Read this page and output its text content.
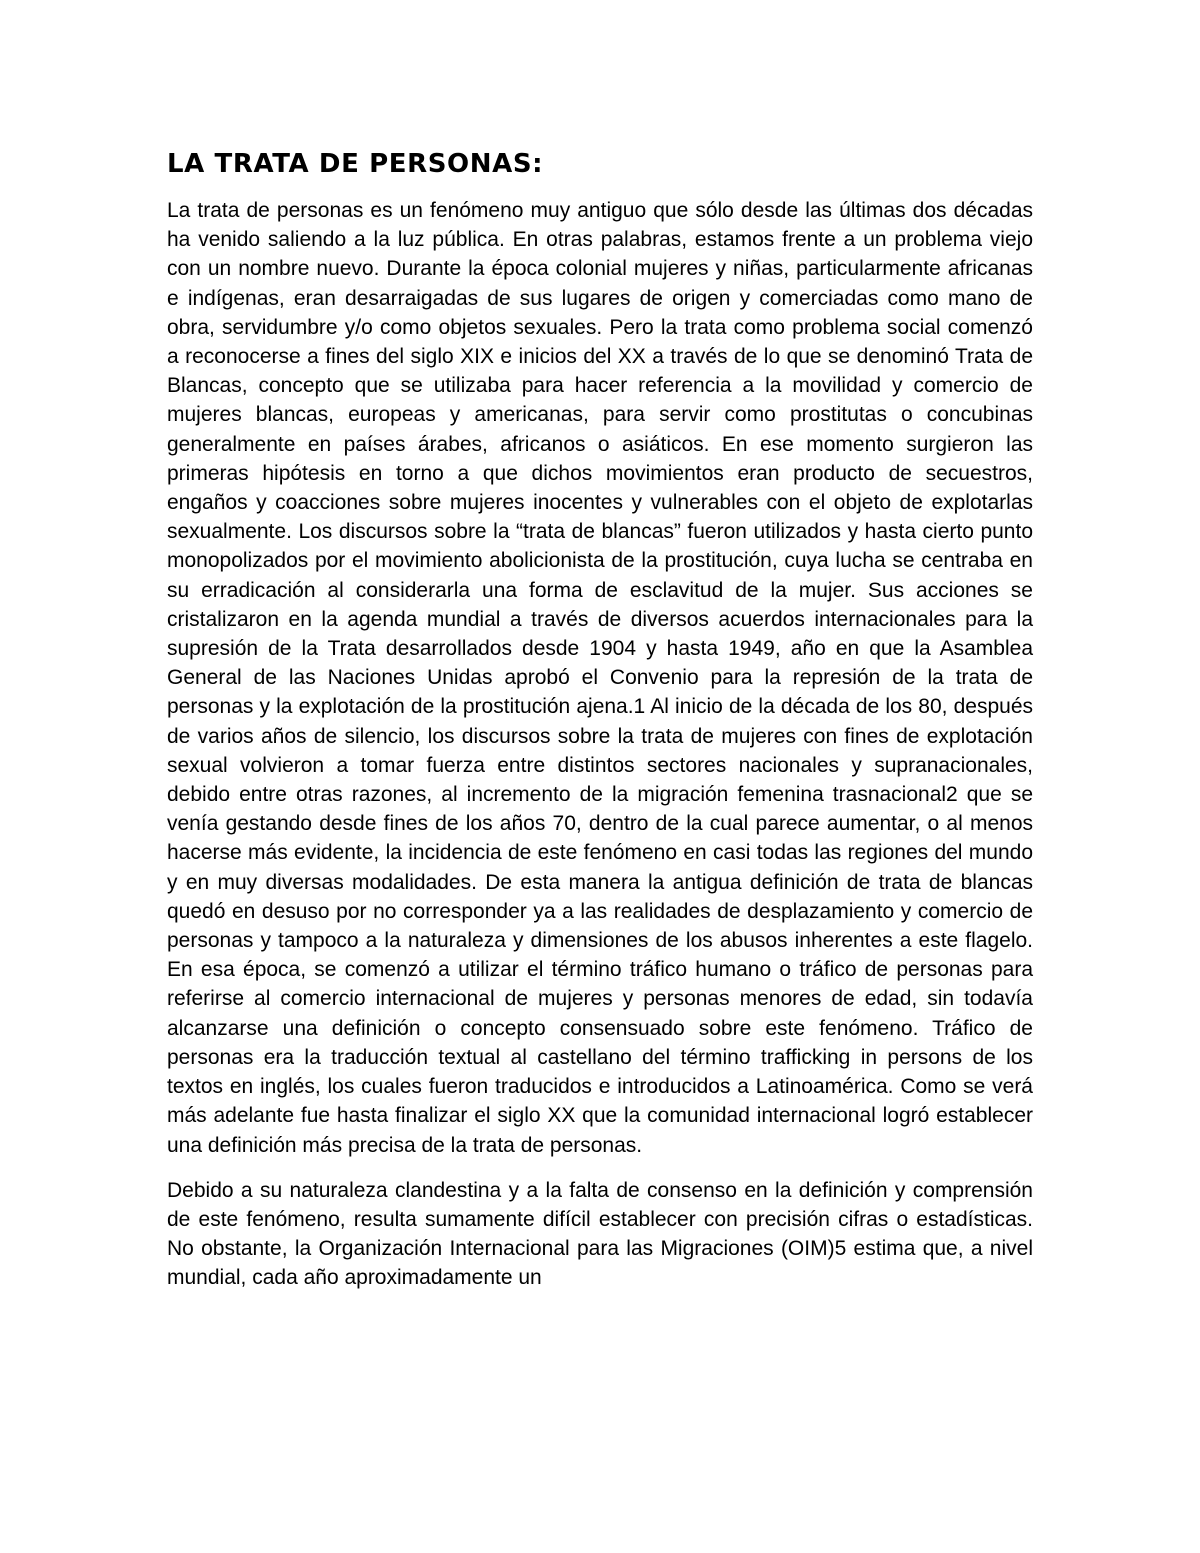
LA TRATA DE PERSONAS:

La trata de personas es un fenómeno muy antiguo que sólo desde las últimas dos décadas ha venido saliendo a la luz pública. En otras palabras, estamos frente a un problema viejo con un nombre nuevo. Durante la época colonial mujeres y niñas, particularmente africanas e indígenas, eran desarraigadas de sus lugares de origen y comerciadas como mano de obra, servidumbre y/o como objetos sexuales. Pero la trata como problema social comenzó a reconocerse a fines del siglo XIX e inicios del XX a través de lo que se denominó Trata de Blancas, concepto que se utilizaba para hacer referencia a la movilidad y comercio de mujeres blancas, europeas y americanas, para servir como prostitutas o concubinas generalmente en países árabes, africanos o asiáticos. En ese momento surgieron las primeras hipótesis en torno a que dichos movimientos eran producto de secuestros, engaños y coacciones sobre mujeres inocentes y vulnerables con el objeto de explotarlas sexualmente. Los discursos sobre la “trata de blancas” fueron utilizados y hasta cierto punto monopolizados por el movimiento abolicionista de la prostitución, cuya lucha se centraba en su erradicación al considerarla una forma de esclavitud de la mujer. Sus acciones se cristalizaron en la agenda mundial a través de diversos acuerdos internacionales para la supresión de la Trata desarrollados desde 1904 y hasta 1949, año en que la Asamblea General de las Naciones Unidas aprobó el Convenio para la represión de la trata de personas y la explotación de la prostitución ajena.1 Al inicio de la década de los 80, después de varios años de silencio, los discursos sobre la trata de mujeres con fines de explotación sexual volvieron a tomar fuerza entre distintos sectores nacionales y supranacionales, debido entre otras razones, al incremento de la migración femenina trasnacional2 que se venía gestando desde fines de los años 70, dentro de la cual parece aumentar, o al menos hacerse más evidente, la incidencia de este fenómeno en casi todas las regiones del mundo y en muy diversas modalidades. De esta manera la antigua definición de trata de blancas quedó en desuso por no corresponder ya a las realidades de desplazamiento y comercio de personas y tampoco a la naturaleza y dimensiones de los abusos inherentes a este flagelo. En esa época, se comenzó a utilizar el término tráfico humano o tráfico de personas para referirse al comercio internacional de mujeres y personas menores de edad, sin todavía alcanzarse una definición o concepto consensuado sobre este fenómeno. Tráfico de personas era la traducción textual al castellano del término trafficking in persons de los textos en inglés, los cuales fueron traducidos e introducidos a Latinoamérica. Como se verá más adelante fue hasta finalizar el siglo XX que la comunidad internacional logró establecer una definición más precisa de la trata de personas.

Debido a su naturaleza clandestina y a la falta de consenso en la definición y comprensión de este fenómeno, resulta sumamente difícil establecer con precisión cifras o estadísticas. No obstante, la Organización Internacional para las Migraciones (OIM)5 estima que, a nivel mundial, cada año aproximadamente un
